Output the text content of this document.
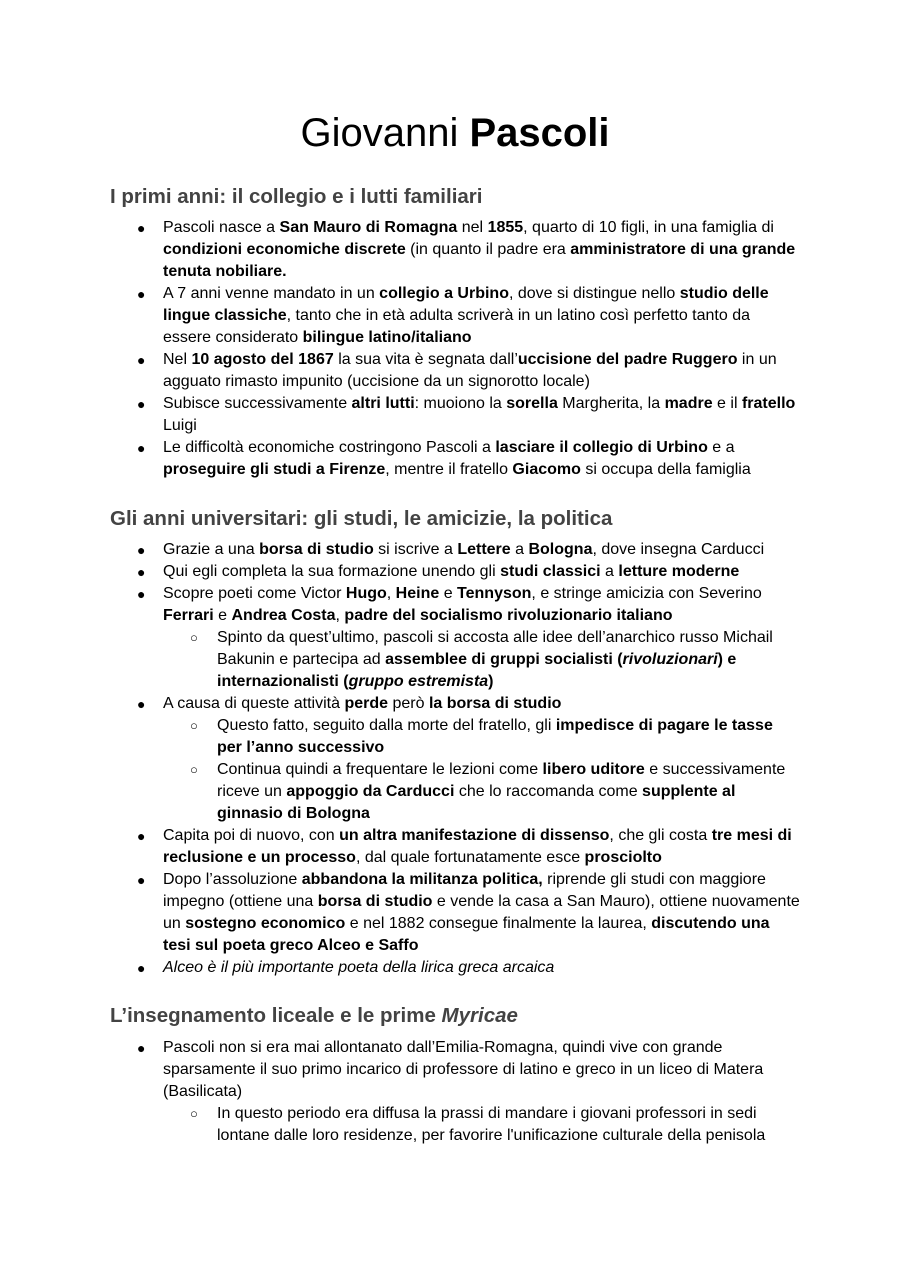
Giovanni Pascoli
I primi anni: il collegio e i lutti familiari
● Pascoli nasce a San Mauro di Romagna nel 1855, quarto di 10 figli, in una famiglia di condizioni economiche discrete (in quanto il padre era amministratore di una grande tenuta nobiliare.
● A 7 anni venne mandato in un collegio a Urbino, dove si distingue nello studio delle lingue classiche, tanto che in età adulta scriverà in un latino così perfetto tanto da essere considerato bilingue latino/italiano
● Nel 10 agosto del 1867 la sua vita è segnata dall’uccisione del padre Ruggero in un agguato rimasto impunito (uccisione da un signorotto locale)
● Subisce successivamente altri lutti: muoiono la sorella Margherita, la madre e il fratello Luigi
● Le difficoltà economiche costringono Pascoli a lasciare il collegio di Urbino e a proseguire gli studi a Firenze, mentre il fratello Giacomo si occupa della famiglia
Gli anni universitari: gli studi, le amicizie, la politica
● Grazie a una borsa di studio si iscrive a Lettere a Bologna, dove insegna Carducci
● Qui egli completa la sua formazione unendo gli studi classici a letture moderne
● Scopre poeti come Victor Hugo, Heine e Tennyson, e stringe amicizia con Severino Ferrari e Andrea Costa, padre del socialismo rivoluzionario italiano
○ Spinto da quest’ultimo, pascoli si accosta alle idee dell’anarchico russo Michail Bakunin e partecipa ad assemblee di gruppi socialisti (rivoluzionari) e internazionalisti (gruppo estremista)
● A causa di queste attività perde però la borsa di studio
○ Questo fatto, seguito dalla morte del fratello, gli impedisce di pagare le tasse per l’anno successivo
○ Continua quindi a frequentare le lezioni come libero uditore e successivamente riceve un appoggio da Carducci che lo raccomanda come supplente al ginnasio di Bologna
● Capita poi di nuovo, con un altra manifestazione di dissenso, che gli costa tre mesi di reclusione e un processo, dal quale fortunatamente esce prosciolto
● Dopo l’assoluzione abbandona la militanza politica, riprende gli studi con maggiore impegno (ottiene una borsa di studio e vende la casa a San Mauro), ottiene nuovamente un sostegno economico e nel 1882 consegue finalmente la laurea, discutendo una tesi sul poeta greco Alceo e Saffo
● Alceo è il più importante poeta della lirica greca arcaica
L’insegnamento liceale e le prime Myricae
● Pascoli non si era mai allontanato dall’Emilia-Romagna, quindi vive con grande sparsamente il suo primo incarico di professore di latino e greco in un liceo di Matera (Basilicata)
○ In questo periodo era diffusa la prassi di mandare i giovani professori in sedi lontane dalle loro residenze, per favorire l'unificazione culturale della penisola
